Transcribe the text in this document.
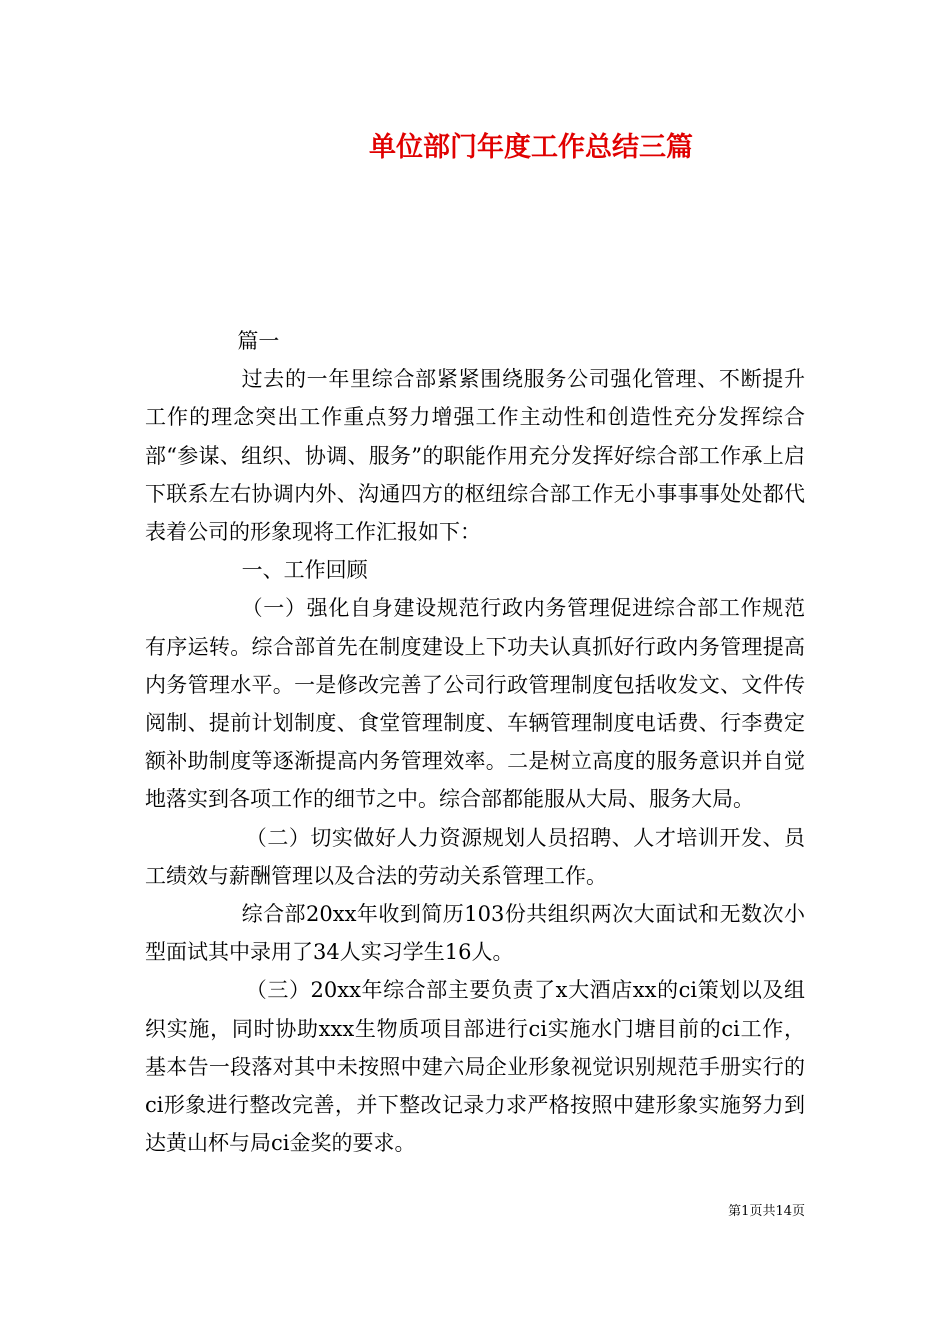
单位部门年度工作总结三篇

篇一

过去的一年里综合部紧紧围绕服务公司强化管理、不断提升工作的理念突出工作重点努力增强工作主动性和创造性充分发挥综合部“参谋、组织、协调、服务”的职能作用充分发挥好综合部工作承上启下联系左右协调内外、沟通四方的枢纽综合部工作无小事事事处处都代表着公司的形象现将工作汇报如下：

一、工作回顾

（一）强化自身建设规范行政内务管理促进综合部工作规范有序运转。综合部首先在制度建设上下功夫认真抓好行政内务管理提高内务管理水平。一是修改完善了公司行政管理制度包括收发文、文件传阅制、提前计划制度、食堂管理制度、车辆管理制度电话费、行李费定额补助制度等逐渐提高内务管理效率。二是树立高度的服务意识并自觉地落实到各项工作的细节之中。综合部都能服从大局、服务大局。

（二）切实做好人力资源规划人员招聘、人才培训开发、员工绩效与薪酬管理以及合法的劳动关系管理工作。

综合部20xx年收到简历103份共组织两次大面试和无数次小型面试其中录用了34人实习学生16人。

（三）20xx年综合部主要负责了x大酒店xx的ci策划以及组织实施，同时协助xxx生物质项目部进行ci实施水门塘目前的ci工作，基本告一段落对其中未按照中建六局企业形象视觉识别规范手册实行的ci形象进行整改完善，并下整改记录力求严格按照中建形象实施努力到达黄山杯与局ci金奖的要求。

第1页共14页
